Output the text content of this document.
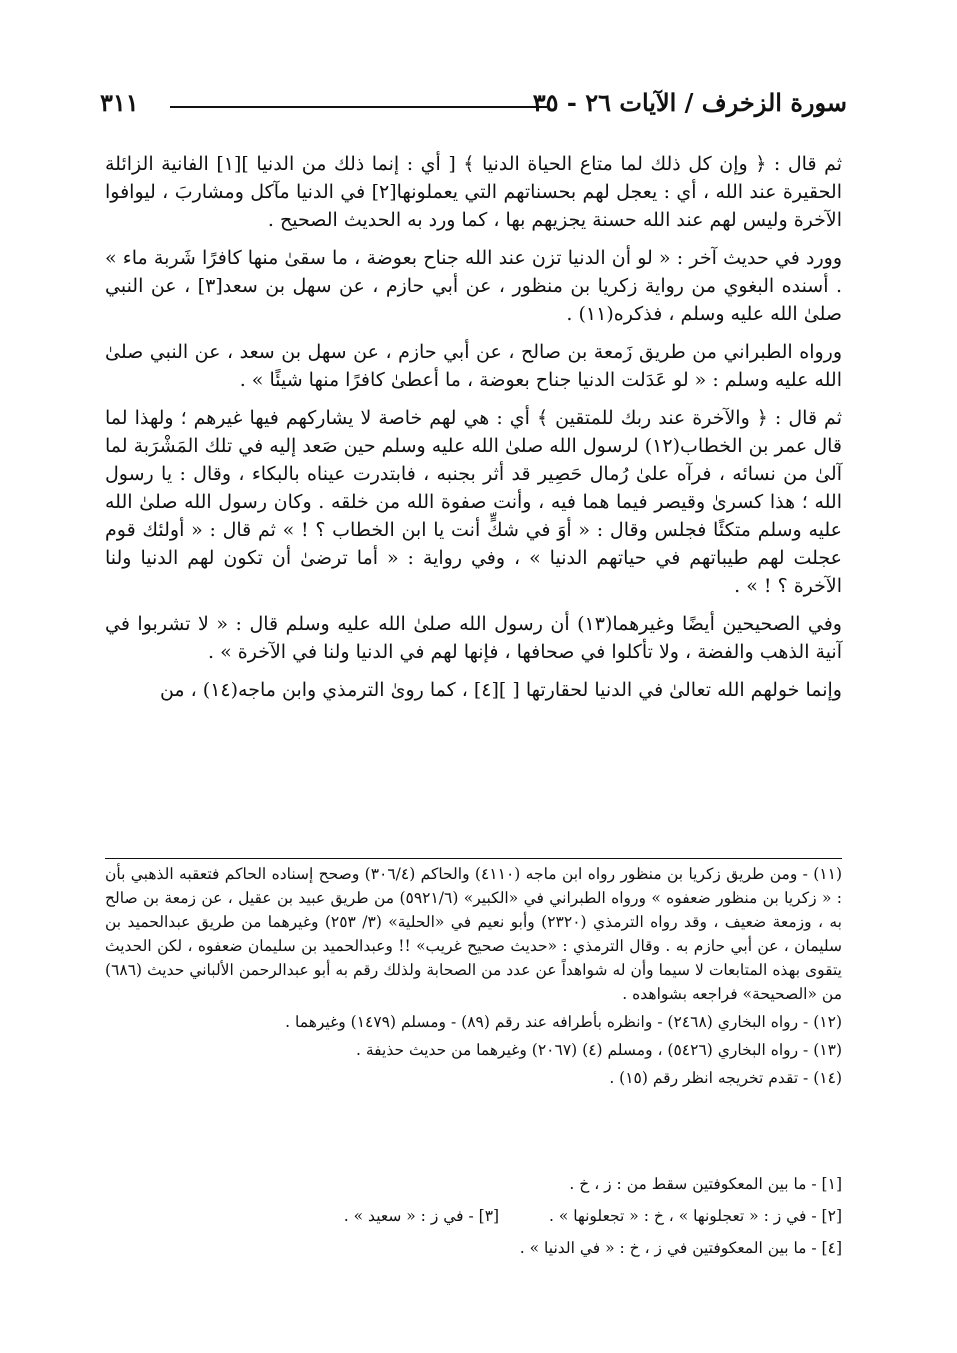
سورة الزخرف / الآيات ٢٦ - ٣٥
٣١١

ثم قال : ﴿ وإن كل ذلك لما متاع الحياة الدنيا ﴾ [ أي : إنما ذلك من الدنيا ][١] الفانية الزائلة الحقيرة عند الله ، أي : يعجل لهم بحسناتهم التي يعملونها[٢] في الدنيا مآكل ومشاربَ ، ليوافوا الآخرة وليس لهم عند الله حسنة يجزيهم بها ، كما ورد به الحديث الصحيح .

وورد في حديث آخر : « لو أن الدنيا تزن عند الله جناح بعوضة ، ما سقىٰ منها كافرًا شَربة ماء » . أسنده البغوي من رواية زكريا بن منظور ، عن أبي حازم ، عن سهل بن سعد[٣] ، عن النبي صلىٰ الله عليه وسلم ، فذكره(١١) .

ورواه الطبراني من طريق زَمعة بن صالح ، عن أبي حازم ، عن سهل بن سعد ، عن النبي صلىٰ الله عليه وسلم : « لو عَدَلت الدنيا جناح بعوضة ، ما أعطىٰ كافرًا منها شيئًا » .

ثم قال : ﴿ والآخرة عند ربك للمتقين ﴾ أي : هي لهم خاصة لا يشاركهم فيها غيرهم ؛ ولهذا لما قال عمر بن الخطاب(١٢) لرسول الله صلىٰ الله عليه وسلم حين صَعد إليه في تلك المَشْرَبة لما آلىٰ من نسائه ، فرآه علىٰ رُمال حَصِير قد أثر بجنبه ، فابتدرت عيناه بالبكاء ، وقال : يا رسول الله ؛ هذا كسرىٰ وقيصر فيما هما فيه ، وأنت صفوة الله من خلقه . وكان رسول الله صلىٰ الله عليه وسلم متكئًا فجلس وقال : « أوَ في شكٍّ أنت يا ابن الخطاب ؟ ! » ثم قال : « أولئك قوم عجلت لهم طيباتهم في حياتهم الدنيا » ، وفي رواية : « أما ترضىٰ أن تكون لهم الدنيا ولنا الآخرة ؟ ! » .

وفي الصحيحين أيضًا وغيرهما(١٣) أن رسول الله صلىٰ الله عليه وسلم قال : « لا تشربوا في آنية الذهب والفضة ، ولا تأكلوا في صحافها ، فإنها لهم في الدنيا ولنا في الآخرة » .

وإنما خولهم الله تعالىٰ في الدنيا لحقارتها [ ][٤] ، كما روىٰ الترمذي وابن ماجه(١٤) ، من

(١١) - ومن طريق زكريا بن منظور رواه ابن ماجه (٤١١٠) والحاكم (٣٠٦/٤) وصحح إسناده الحاكم فتعقبه الذهبي بأن : « زكريا بن منظور ضعفوه » ورواه الطبراني في «الكبير» (٥٩٢١/٦) من طريق عبيد بن عقيل ، عن زمعة بن صالح به ، وزمعة ضعيف ، وقد رواه الترمذي (٢٣٢٠) وأبو نعيم في «الحلية» (٣/ ٢٥٣) وغيرهما من طريق عبدالحميد بن سليمان ، عن أبي حازم به . وقال الترمذي : «حديث صحيح غريب» !! وعبدالحميد بن سليمان ضعفوه ، لكن الحديث يتقوى بهذه المتابعات لا سيما وأن له شواهداً عن عدد من الصحابة ولذلك رقم به أبو عبدالرحمن الألباني حديث (٦٨٦) من «الصحيحة» فراجعه بشواهده .

(١٢) - رواه البخاري (٢٤٦٨) - وانظره بأطرافه عند رقم (٨٩) - ومسلم (١٤٧٩) وغيرهما .

(١٣) - رواه البخاري (٥٤٢٦) ، ومسلم (٤) (٢٠٦٧) وغيرهما من حديث حذيفة .

(١٤) - تقدم تخريجه انظر رقم (١٥) .

[١] - ما بين المعكوفتين سقط من : ز ، خ .

[٢] - في ز : « تعجلونها » ، خ : « تجعلونها » .  [٣] - في ز : « سعيد » .

[٤] - ما بين المعكوفتين في ز ، خ : « في الدنيا » .
